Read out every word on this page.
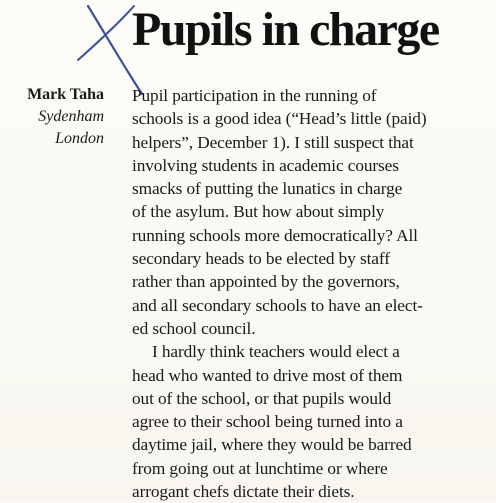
Pupils in charge
Mark Taha
Sydenham
London
Pupil participation in the running of
schools is a good idea (“Head’s little (paid)
helpers”, December 1). I still suspect that
involving students in academic courses
smacks of putting the lunatics in charge
of the asylum. But how about simply
running schools more democratically? All
secondary heads to be elected by staff
rather than appointed by the governors,
and all secondary schools to have an elect-
ed school council.
I hardly think teachers would elect a
head who wanted to drive most of them
out of the school, or that pupils would
agree to their school being turned into a
daytime jail, where they would be barred
from going out at lunchtime or where
arrogant chefs dictate their diets.
